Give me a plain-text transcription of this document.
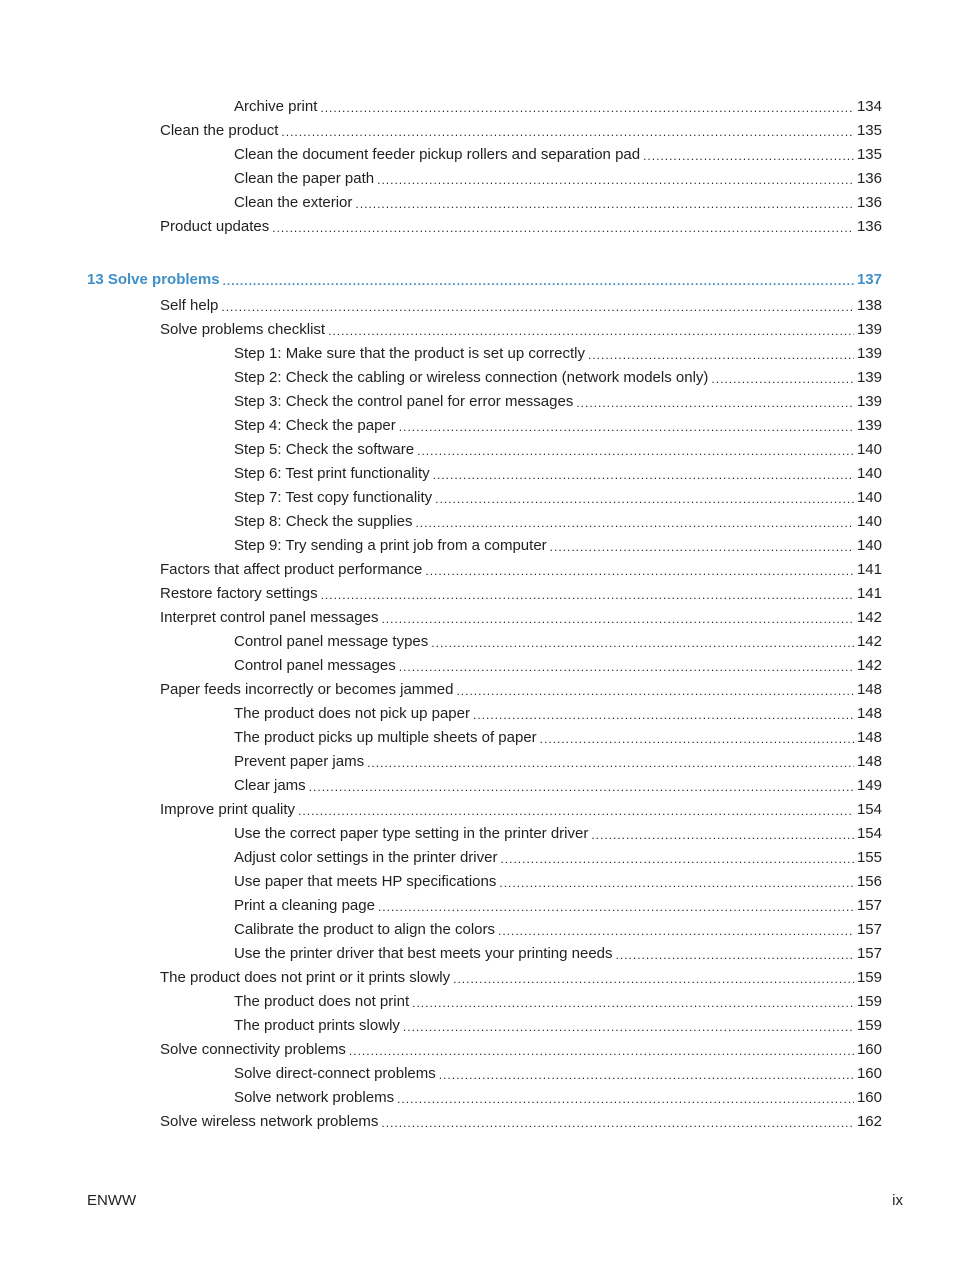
Archive print .....	134
Clean the product .....	135
Clean the document feeder pickup rollers and separation pad .....	135
Clean the paper path .....	136
Clean the exterior .....	136
Product updates .....	136
13 Solve problems .....	137
Self help .....	138
Solve problems checklist .....	139
Step 1: Make sure that the product is set up correctly .....	139
Step 2: Check the cabling or wireless connection (network models only) .....	139
Step 3: Check the control panel for error messages .....	139
Step 4: Check the paper .....	139
Step 5: Check the software .....	140
Step 6: Test print functionality .....	140
Step 7: Test copy functionality .....	140
Step 8: Check the supplies .....	140
Step 9: Try sending a print job from a computer .....	140
Factors that affect product performance .....	141
Restore factory settings .....	141
Interpret control panel messages .....	142
Control panel message types .....	142
Control panel messages .....	142
Paper feeds incorrectly or becomes jammed .....	148
The product does not pick up paper .....	148
The product picks up multiple sheets of paper .....	148
Prevent paper jams .....	148
Clear jams .....	149
Improve print quality .....	154
Use the correct paper type setting in the printer driver .....	154
Adjust color settings in the printer driver .....	155
Use paper that meets HP specifications .....	156
Print a cleaning page .....	157
Calibrate the product to align the colors .....	157
Use the printer driver that best meets your printing needs .....	157
The product does not print or it prints slowly .....	159
The product does not print .....	159
The product prints slowly .....	159
Solve connectivity problems .....	160
Solve direct-connect problems .....	160
Solve network problems .....	160
Solve wireless network problems .....	162
ENWW	ix
